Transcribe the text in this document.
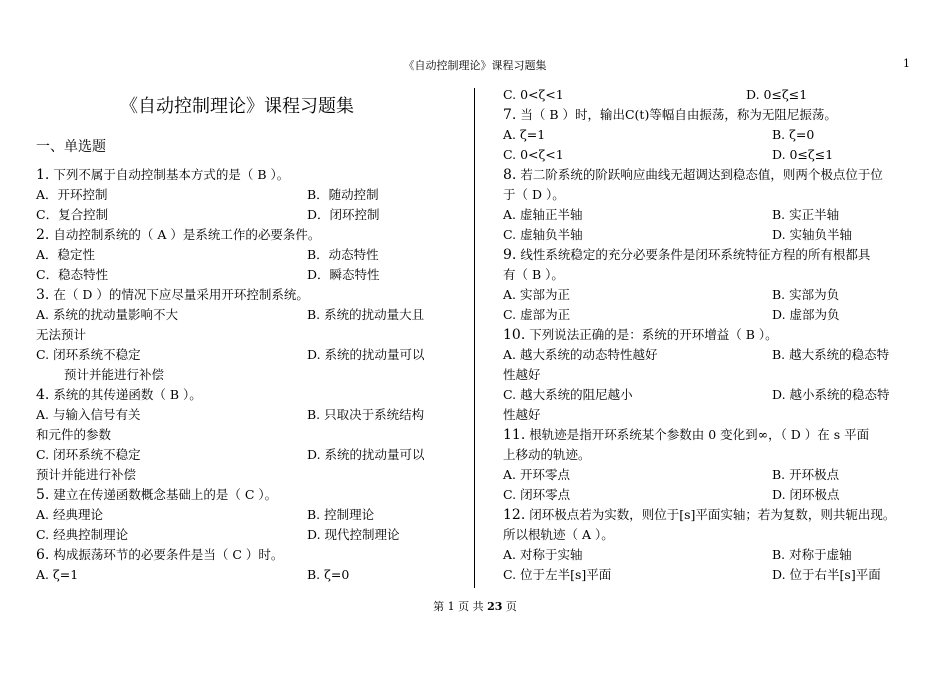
《自动控制理论》课程习题集	1
《自动控制理论》课程习题集
一、单选题
1. 下列不属于自动控制基本方式的是（ B ）。
A．开环控制	B．随动控制
C．复合控制	D．闭环控制
2. 自动控制系统的（ A ）是系统工作的必要条件。
A．稳定性	B．动态特性
C．稳态特性	D．瞬态特性
3. 在（ D ）的情况下应尽量采用开环控制系统。
A. 系统的扰动量影响不大	B. 系统的扰动量大且
无法预计
C. 闭环系统不稳定	D. 系统的扰动量可以
预计并能进行补偿
4. 系统的其传递函数（ B ）。
A. 与输入信号有关	B. 只取决于系统结构
和元件的参数
C. 闭环系统不稳定	D. 系统的扰动量可以
预计并能进行补偿
5. 建立在传递函数概念基础上的是（ C ）。
A. 经典理论	B. 控制理论
C. 经典控制理论	D. 现代控制理论
6. 构成振荡环节的必要条件是当（ C ）时。
A. ζ=1	B. ζ=0
C. 0<ζ<1	D. 0≤ζ≤1
7. 当（ B ）时，输出C(t)等幅自由振荡，称为无阻尼振荡。
A. ζ=1	B. ζ=0
C. 0<ζ<1	D. 0≤ζ≤1
8. 若二阶系统的阶跃响应曲线无超调达到稳态值，则两个极点位于位
于（ D ）。
A. 虚轴正半轴	B. 实正半轴
C. 虚轴负半轴	D. 实轴负半轴
9. 线性系统稳定的充分必要条件是闭环系统特征方程的所有根都具
有（ B ）。
A. 实部为正	B. 实部为负
C. 虚部为正	D. 虚部为负
10. 下列说法正确的是：系统的开环增益（ B ）。
A. 越大系统的动态特性越好	B. 越大系统的稳态特
性越好
C. 越大系统的阻尼越小	D. 越小系统的稳态特
性越好
11. 根轨迹是指开环系统某个参数由 0 变化到∞，（ D ）在 s 平面
上移动的轨迹。
A. 开环零点	B. 开环极点
C. 闭环零点	D. 闭环极点
12. 闭环极点若为实数，则位于[s]平面实轴；若为复数，则共轭出现。
所以根轨迹（ A ）。
A. 对称于实轴	B. 对称于虚轴
C. 位于左半[s]平面	D. 位于右半[s]平面
第 1 页 共 23 页
